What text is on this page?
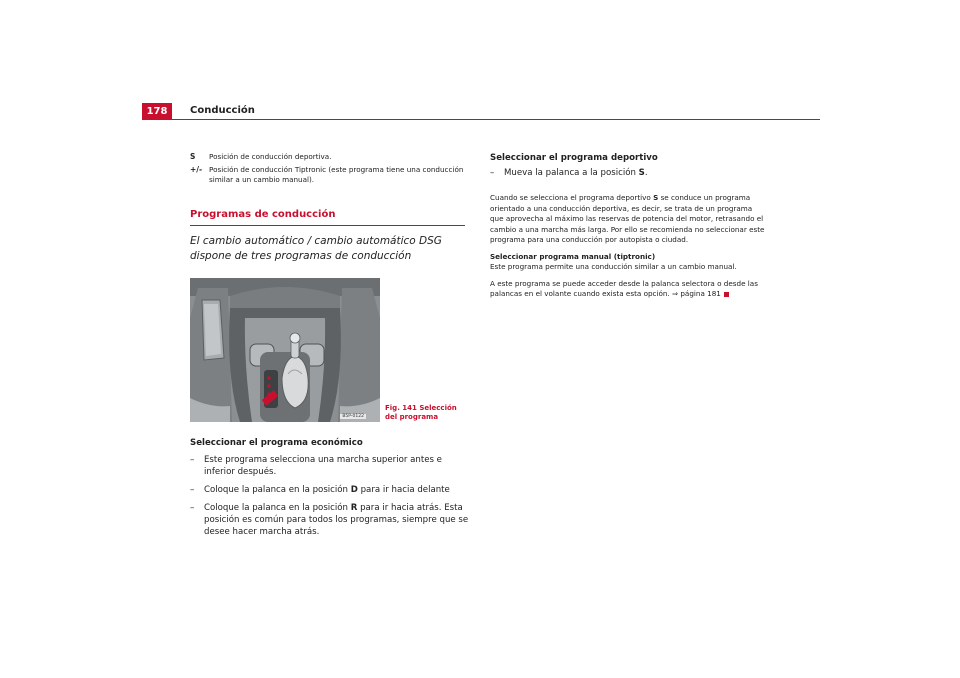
178	Conducción
S Posición de conducción deportiva.
+/- Posición de conducción Tiptronic (este programa tiene una conducción similar a un cambio manual).
Programas de conducción
El cambio automático / cambio automático DSG dispone de tres programas de conducción
B5P-0122
Fig. 141 Selección del programa
Seleccionar el programa económico
– Este programa selecciona una marcha superior antes e inferior después.
– Coloque la palanca en la posición D para ir hacia delante
– Coloque la palanca en la posición R para ir hacia atrás. Esta posición es común para todos los programas, siempre que se desee hacer marcha atrás.
Seleccionar el programa deportivo
– Mueva la palanca a la posición S.
Cuando se selecciona el programa deportivo S se conduce un programa orientado a una conducción deportiva, es decir, se trata de un programa que aprovecha al máximo las reservas de potencia del motor, retrasando el cambio a una marcha más larga. Por ello se recomienda no seleccionar este programa para una conducción por autopista o ciudad.
Seleccionar programa manual (tiptronic)
Este programa permite una conducción similar a un cambio manual.
A este programa se puede acceder desde la palanca selectora o desde las palancas en el volante cuando exista esta opción. ⇒ página 181
